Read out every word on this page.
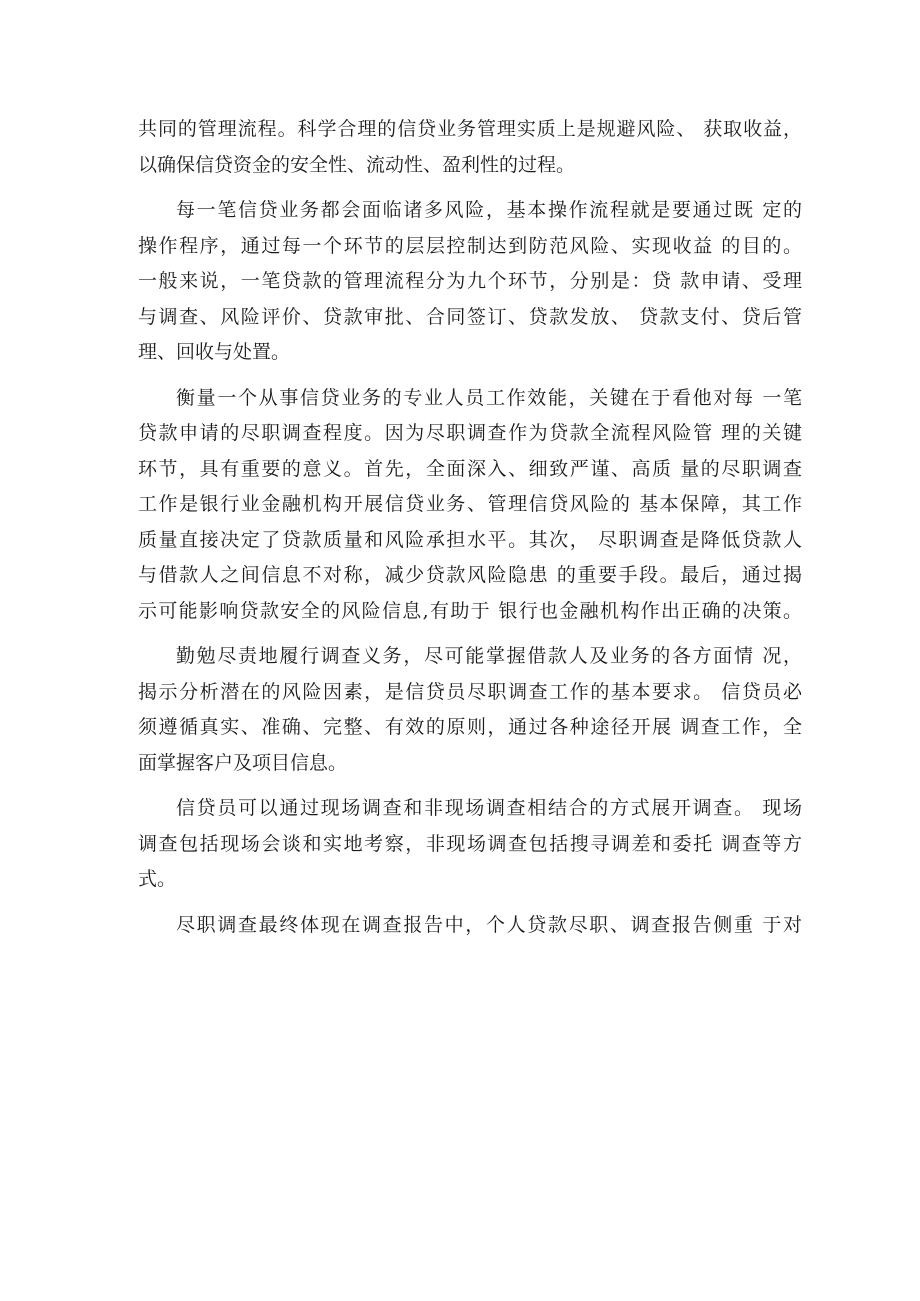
共同的管理流程。科学合理的信贷业务管理实质上是规避风险、 获取收益，
以确保信贷资金的安全性、流动性、盈利性的过程。
每一笔信贷业务都会面临诸多风险，基本操作流程就是要通过既 定的
操作程序，通过每一个环节的层层控制达到防范风险、实现收益 的目的。
一般来说，一笔贷款的管理流程分为九个环节，分别是：贷 款申请、受理
与调查、风险评价、贷款审批、合同签订、贷款发放、 贷款支付、贷后管
理、回收与处置。
衡量一个从事信贷业务的专业人员工作效能，关键在于看他对每 一笔
贷款申请的尽职调查程度。因为尽职调查作为贷款全流程风险管 理的关键
环节，具有重要的意义。首先，全面深入、细致严谨、高质 量的尽职调查
工作是银行业金融机构开展信贷业务、管理信贷风险的 基本保障，其工作
质量直接决定了贷款质量和风险承担水平。其次， 尽职调查是降低贷款人
与借款人之间信息不对称，减少贷款风险隐患 的重要手段。最后，通过揭
示可能影响贷款安全的风险信息,有助于 银行也金融机构作出正确的决策。
勤勉尽责地履行调查义务，尽可能掌握借款人及业务的各方面情 况，
揭示分析潜在的风险因素，是信贷员尽职调查工作的基本要求。 信贷员必
须遵循真实、准确、完整、有效的原则，通过各种途径开展 调查工作，全
面掌握客户及项目信息。
信贷员可以通过现场调查和非现场调查相结合的方式展开调查。 现场
调查包括现场会谈和实地考察，非现场调查包括搜寻调差和委托 调查等方
式。
尽职调查最终体现在调查报告中，个人贷款尽职、调查报告侧重 于对
